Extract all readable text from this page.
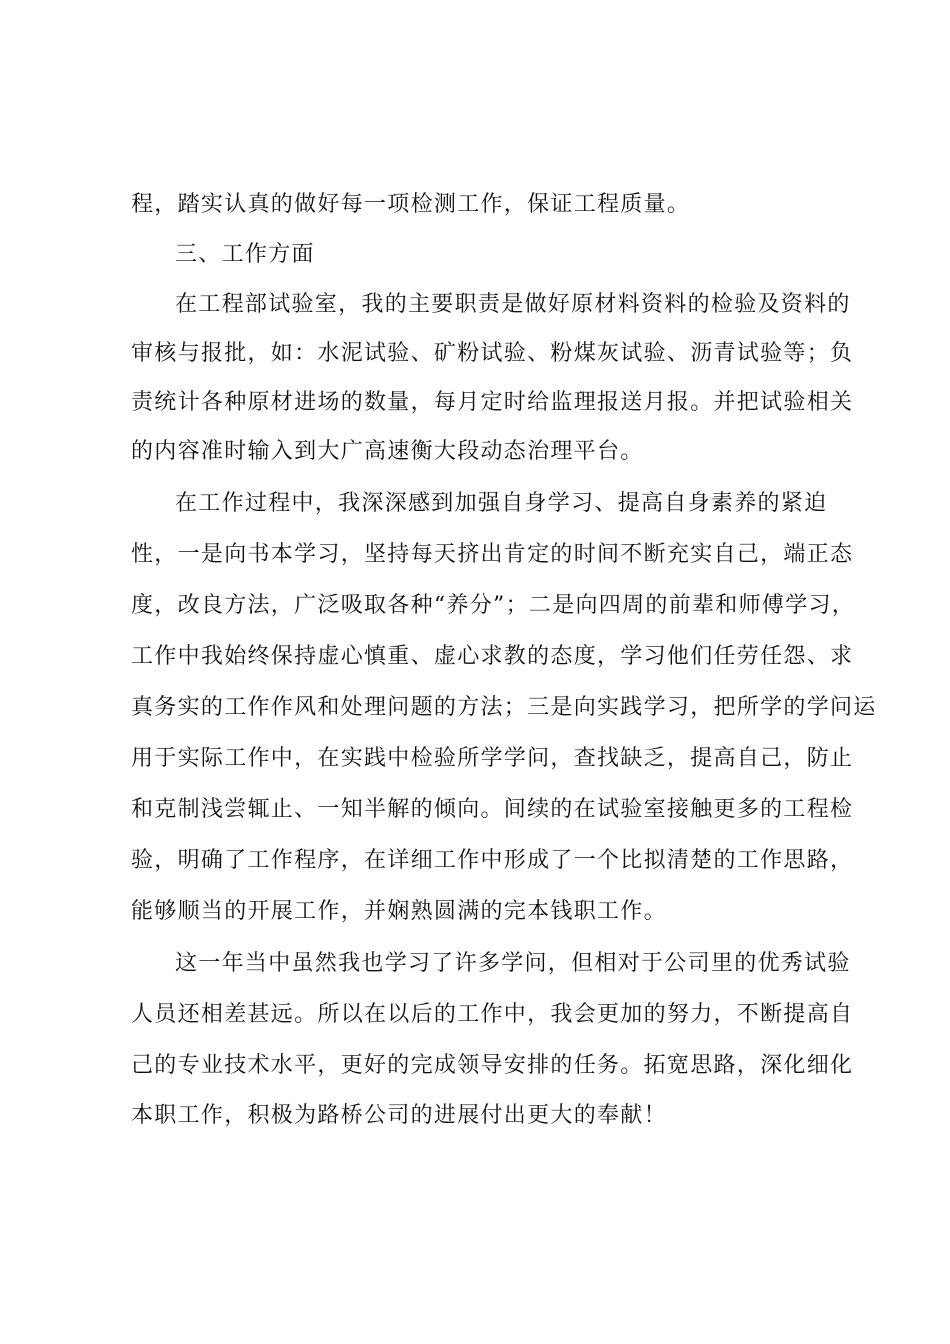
程，踏实认真的做好每一项检测工作，保证工程质量。
三、工作方面
在工程部试验室，我的主要职责是做好原材料资料的检验及资料的
审核与报批，如：水泥试验、矿粉试验、粉煤灰试验、沥青试验等；负
责统计各种原材进场的数量，每月定时给监理报送月报。并把试验相关
的内容准时输入到大广高速衡大段动态治理平台。
在工作过程中，我深深感到加强自身学习、提高自身素养的紧迫
性，一是向书本学习，坚持每天挤出肯定的时间不断充实自己，端正态
度，改良方法，广泛吸取各种“养分”；二是向四周的前辈和师傅学习，
工作中我始终保持虚心慎重、虚心求教的态度，学习他们任劳任怨、求
真务实的工作作风和处理问题的方法；三是向实践学习，把所学的学问运
用于实际工作中，在实践中检验所学学问，查找缺乏，提高自己，防止
和克制浅尝辄止、一知半解的倾向。间续的在试验室接触更多的工程检
验，明确了工作程序，在详细工作中形成了一个比拟清楚的工作思路，
能够顺当的开展工作，并娴熟圆满的完本钱职工作。
这一年当中虽然我也学习了许多学问，但相对于公司里的优秀试验
人员还相差甚远。所以在以后的工作中，我会更加的努力，不断提高自
己的专业技术水平，更好的完成领导安排的任务。拓宽思路，深化细化
本职工作，积极为路桥公司的进展付出更大的奉献！
